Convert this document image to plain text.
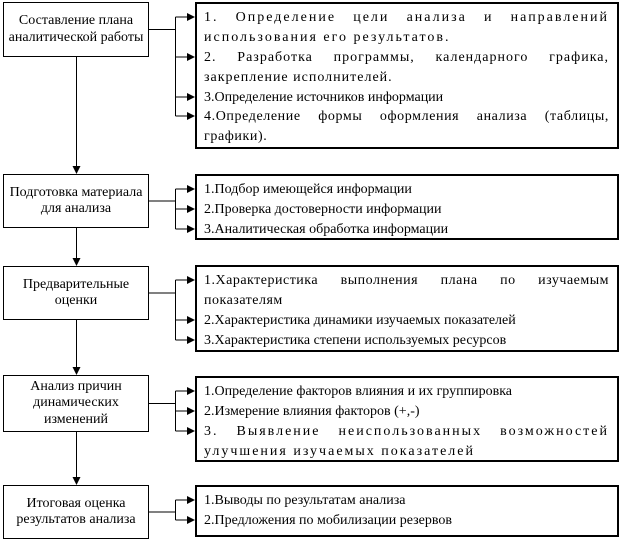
Составление плана аналитической работы
1. Определение цели анализа и направлений использования его результатов.
2. Разработка программы, календарного графика, закрепление исполнителей.
3.Определение источников информации
4.Определение формы оформления анализа (таблицы, графики).
Подготовка материала для анализа
1.Подбор имеющейся информации
2.Проверка достоверности информации
3.Аналитическая обработка информации
Предварительные оценки
1.Характеристика выполнения плана по изучаемым показателям
2.Характеристика динамики изучаемых показателей
3.Характеристика степени используемых ресурсов
Анализ причин динамических изменений
1.Определение факторов влияния и их группировка
2.Измерение влияния факторов (+,-)
3. Выявление неиспользованных возможностей улучшения изучаемых показателей
Итоговая оценка результатов анализа
1.Выводы по результатам анализа
2.Предложения по мобилизации резервов
